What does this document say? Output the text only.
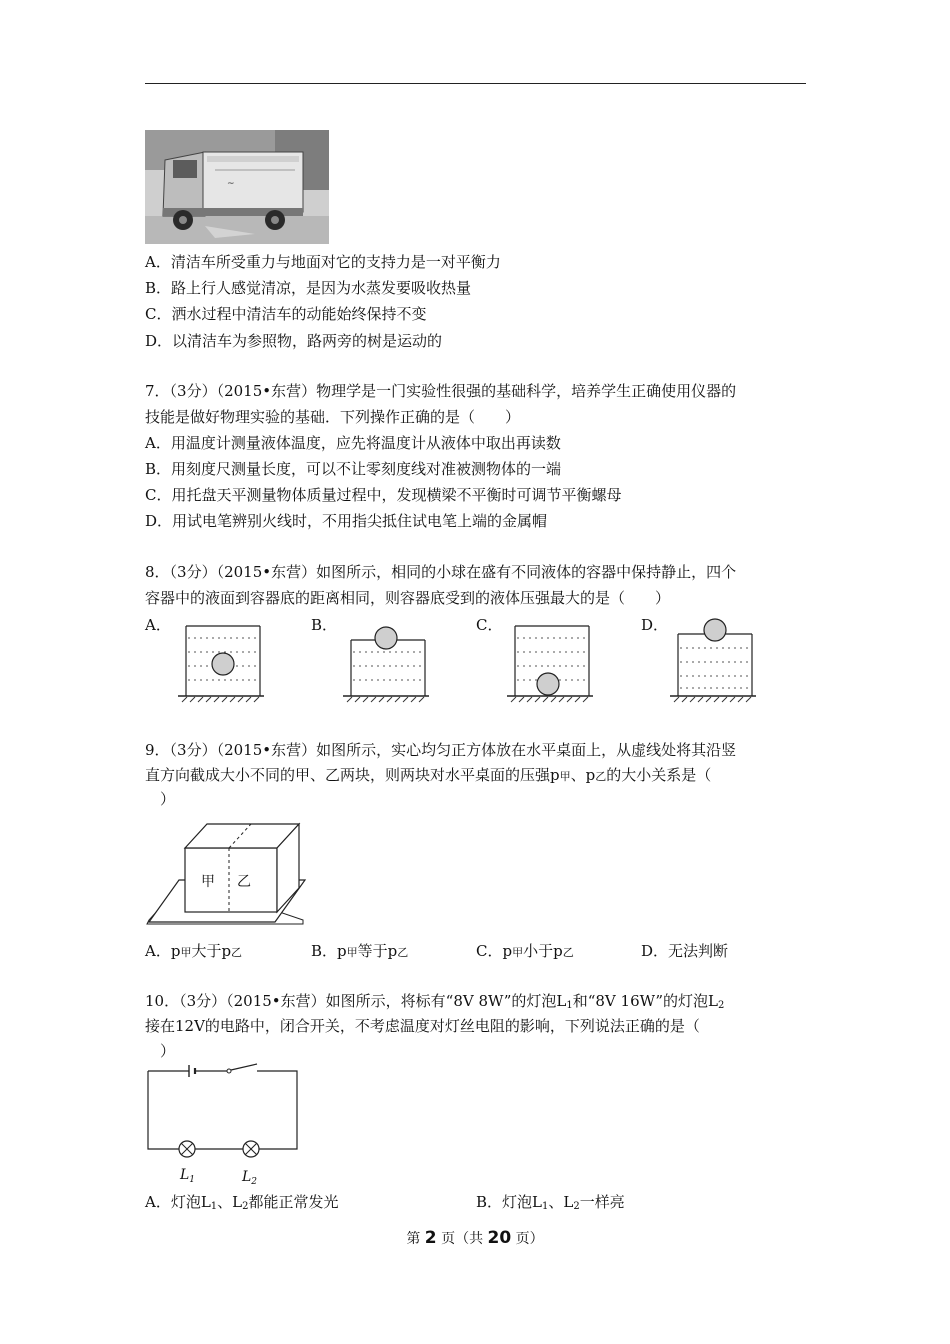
~
A．清洁车所受重力与地面对它的支持力是一对平衡力
B．路上行人感觉清凉，是因为水蒸发要吸收热量
C．洒水过程中清洁车的动能始终保持不变
D．以清洁车为参照物，路两旁的树是运动的
7．（3分）（2015•东营）物理学是一门实验性很强的基础科学，培养学生正确使用仪器的
技能是做好物理实验的基础．下列操作正确的是（　　）
A．用温度计测量液体温度，应先将温度计从液体中取出再读数
B．用刻度尺测量长度，可以不让零刻度线对准被测物体的一端
C．用托盘天平测量物体质量过程中，发现横梁不平衡时可调节平衡螺母
D．用试电笔辨别火线时，不用指尖抵住试电笔上端的金属帽
8．（3分）（2015•东营）如图所示，相同的小球在盛有不同液体的容器中保持静止，四个
容器中的液面到容器底的距离相同，则容器底受到的液体压强最大的是（　　）
A．	B．	C．	D．
9．（3分）（2015•东营）如图所示，实心均匀正方体放在水平桌面上，从虚线处将其沿竖
直方向截成大小不同的甲、乙两块，则两块对水平桌面的压强p甲、p乙的大小关系是（
　）
甲 乙
A．p甲大于p乙	B．p甲等于p乙	C．p甲小于p乙	D．无法判断
10．（3分）（2015•东营）如图所示，将标有“8V 8W”的灯泡$L_1$和“8V 16W”的灯泡$L_2$
接在12V的电路中，闭合开关，不考虑温度对灯丝电阻的影响，下列说法正确的是（
　）
$L_1$	$L_2$
A．灯泡$L_1$、$L_2$都能正常发光	B．灯泡$L_1$、$L_2$一样亮
第 2 页（共 20 页）
